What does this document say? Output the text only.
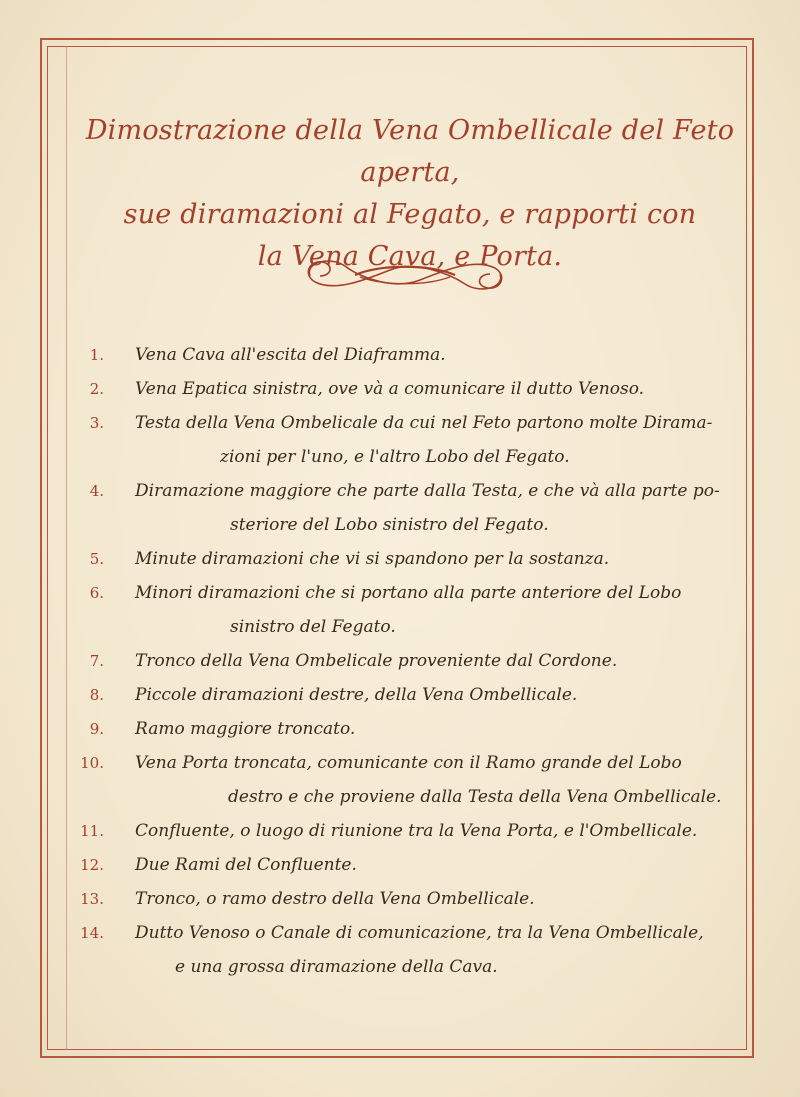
Dimostrazione della Vena Ombellicale del Feto aperta,
sue diramazioni al Fegato, e rapporti con
la Vena Cava, e Porta.
1.	Vena Cava all'escita del Diaframma.
2.	Vena Epatica sinistra, ove và a comunicare il dutto Venoso.
3.	Testa della Vena Ombelicale da cui nel Feto partono molte Dirama-
zioni per l'uno, e l'altro Lobo del Fegato.
4.	Diramazione maggiore che parte dalla Testa, e che và alla parte po-
steriore del Lobo sinistro del Fegato.
5.	Minute diramazioni che vi si spandono per la sostanza.
6.	Minori diramazioni che si portano alla parte anteriore del Lobo
sinistro del Fegato.
7.	Tronco della Vena Ombelicale proveniente dal Cordone.
8.	Piccole diramazioni destre, della Vena Ombellicale.
9.	Ramo maggiore troncato.
10.	Vena Porta troncata, comunicante con il Ramo grande del Lobo
destro e che proviene dalla Testa della Vena Ombellicale.
11.	Confluente, o luogo di riunione tra la Vena Porta, e l'Ombellicale.
12.	Due Rami del Confluente.
13.	Tronco, o ramo destro della Vena Ombellicale.
14.	Dutto Venoso o Canale di comunicazione, tra la Vena Ombellicale,
e una grossa diramazione della Cava.
